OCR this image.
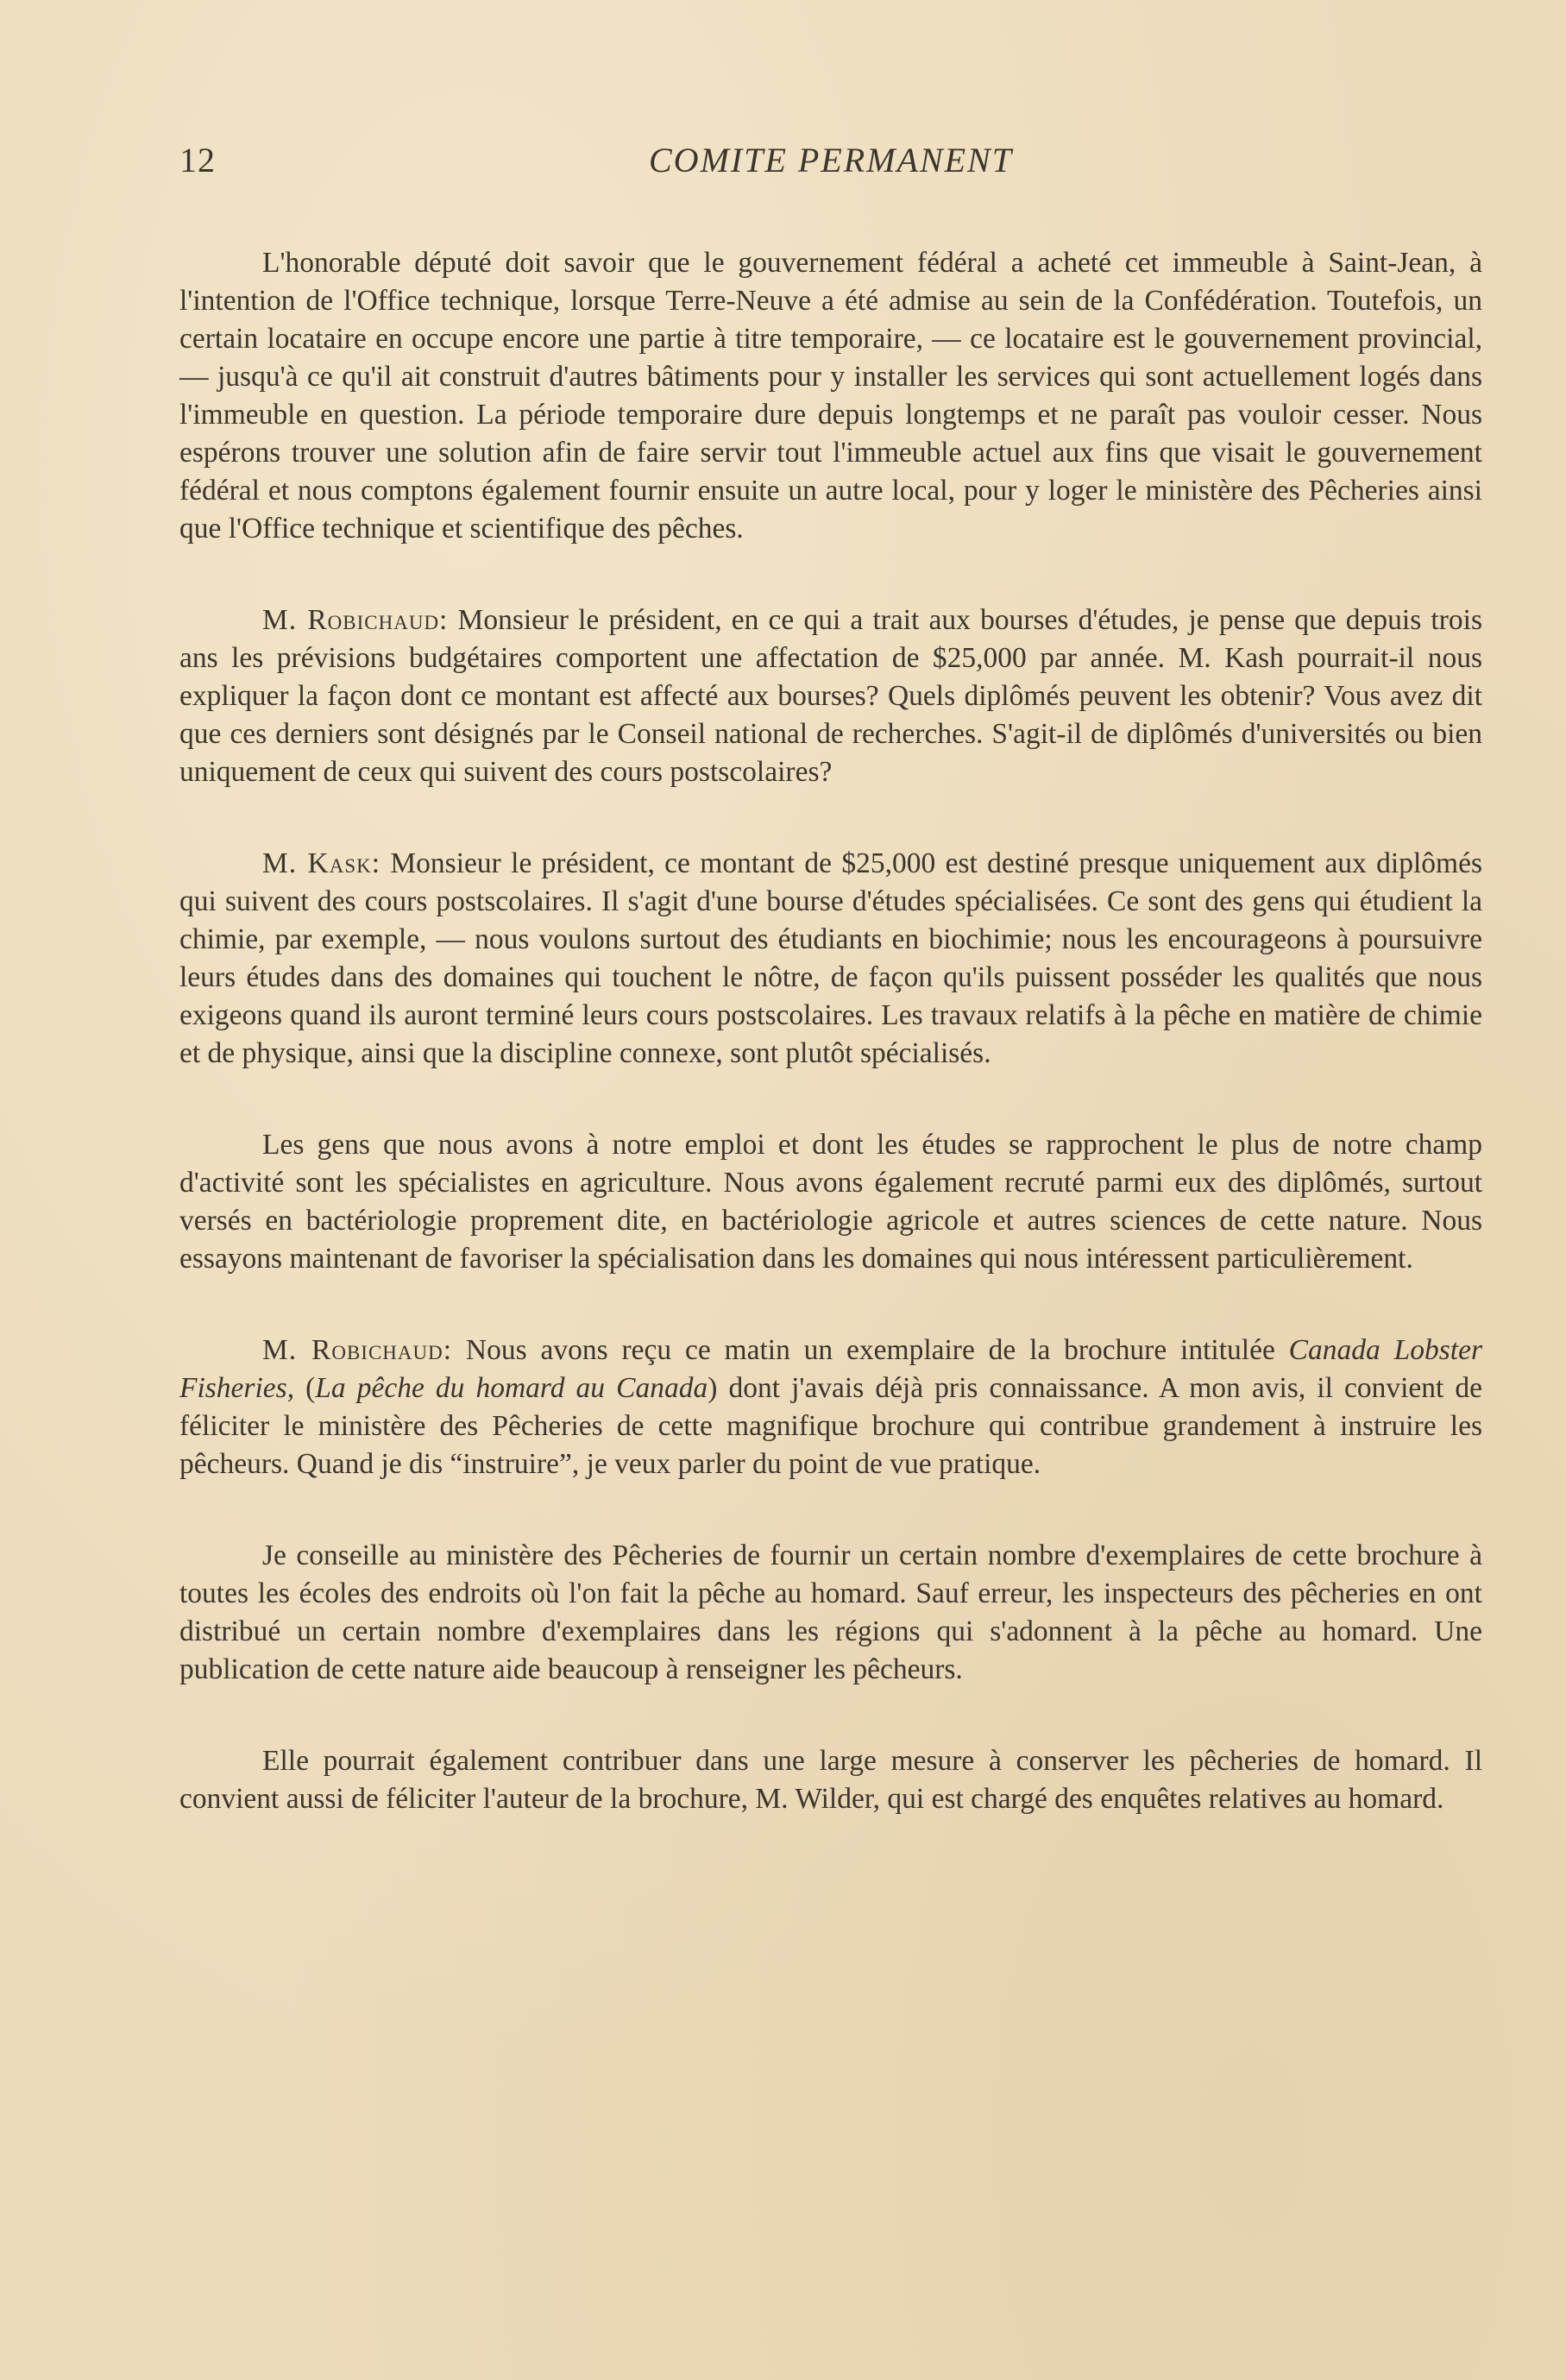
12	COMITE PERMANENT

L'honorable député doit savoir que le gouvernement fédéral a acheté cet immeuble à Saint-Jean, à l'intention de l'Office technique, lorsque Terre-Neuve a été admise au sein de la Confédération. Toutefois, un certain locataire en occupe encore une partie à titre temporaire, — ce locataire est le gouvernement provincial, — jusqu'à ce qu'il ait construit d'autres bâtiments pour y installer les services qui sont actuellement logés dans l'immeuble en question. La période temporaire dure depuis longtemps et ne paraît pas vouloir cesser. Nous espérons trouver une solution afin de faire servir tout l'immeuble actuel aux fins que visait le gouvernement fédéral et nous comptons également fournir ensuite un autre local, pour y loger le ministère des Pêcheries ainsi que l'Office technique et scientifique des pêches.

M. Robichaud: Monsieur le président, en ce qui a trait aux bourses d'études, je pense que depuis trois ans les prévisions budgétaires comportent une affectation de $25,000 par année. M. Kash pourrait-il nous expliquer la façon dont ce montant est affecté aux bourses? Quels diplômés peuvent les obtenir? Vous avez dit que ces derniers sont désignés par le Conseil national de recherches. S'agit-il de diplômés d'universités ou bien uniquement de ceux qui suivent des cours postscolaires?

M. Kask: Monsieur le président, ce montant de $25,000 est destiné presque uniquement aux diplômés qui suivent des cours postscolaires. Il s'agit d'une bourse d'études spécialisées. Ce sont des gens qui étudient la chimie, par exemple, — nous voulons surtout des étudiants en biochimie; nous les encourageons à poursuivre leurs études dans des domaines qui touchent le nôtre, de façon qu'ils puissent posséder les qualités que nous exigeons quand ils auront terminé leurs cours postscolaires. Les travaux relatifs à la pêche en matière de chimie et de physique, ainsi que la discipline connexe, sont plutôt spécialisés.

Les gens que nous avons à notre emploi et dont les études se rapprochent le plus de notre champ d'activité sont les spécialistes en agriculture. Nous avons également recruté parmi eux des diplômés, surtout versés en bactériologie proprement dite, en bactériologie agricole et autres sciences de cette nature. Nous essayons maintenant de favoriser la spécialisation dans les domaines qui nous intéressent particulièrement.

M. Robichaud: Nous avons reçu ce matin un exemplaire de la brochure intitulée Canada Lobster Fisheries, (La pêche du homard au Canada) dont j'avais déjà pris connaissance. A mon avis, il convient de féliciter le ministère des Pêcheries de cette magnifique brochure qui contribue grandement à instruire les pêcheurs. Quand je dis “instruire”, je veux parler du point de vue pratique.

Je conseille au ministère des Pêcheries de fournir un certain nombre d'exemplaires de cette brochure à toutes les écoles des endroits où l'on fait la pêche au homard. Sauf erreur, les inspecteurs des pêcheries en ont distribué un certain nombre d'exemplaires dans les régions qui s'adonnent à la pêche au homard. Une publication de cette nature aide beaucoup à renseigner les pêcheurs.

Elle pourrait également contribuer dans une large mesure à conserver les pêcheries de homard. Il convient aussi de féliciter l'auteur de la brochure, M. Wilder, qui est chargé des enquêtes relatives au homard.
